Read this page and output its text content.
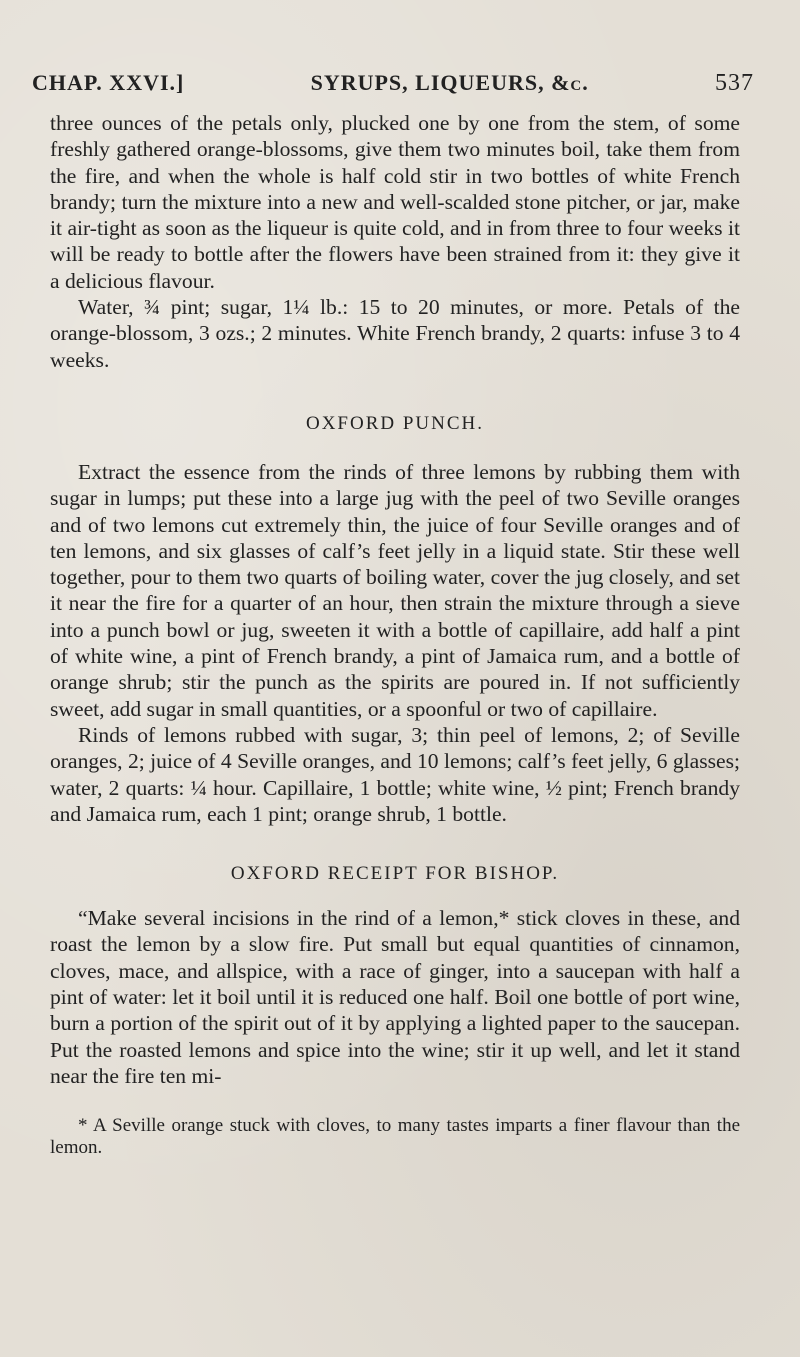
CHAP. XXVI.]	SYRUPS, LIQUEURS, &c.	537

three ounces of the petals only, plucked one by one from the stem, of some freshly gathered orange-blossoms, give them two minutes boil, take them from the fire, and when the whole is half cold stir in two bottles of white French brandy; turn the mixture into a new and well-scalded stone pitcher, or jar, make it air-tight as soon as the liqueur is quite cold, and in from three to four weeks it will be ready to bottle after the flowers have been strained from it: they give it a delicious flavour.

Water, ¾ pint; sugar, 1¼ lb.: 15 to 20 minutes, or more. Petals of the orange-blossom, 3 ozs.; 2 minutes. White French brandy, 2 quarts: infuse 3 to 4 weeks.

OXFORD PUNCH.

Extract the essence from the rinds of three lemons by rubbing them with sugar in lumps; put these into a large jug with the peel of two Seville oranges and of two lemons cut extremely thin, the juice of four Seville oranges and of ten lemons, and six glasses of calf’s feet jelly in a liquid state. Stir these well together, pour to them two quarts of boiling water, cover the jug closely, and set it near the fire for a quarter of an hour, then strain the mixture through a sieve into a punch bowl or jug, sweeten it with a bottle of capillaire, add half a pint of white wine, a pint of French brandy, a pint of Jamaica rum, and a bottle of orange shrub; stir the punch as the spirits are poured in. If not sufficiently sweet, add sugar in small quantities, or a spoonful or two of capillaire.

Rinds of lemons rubbed with sugar, 3; thin peel of lemons, 2; of Seville oranges, 2; juice of 4 Seville oranges, and 10 lemons; calf’s feet jelly, 6 glasses; water, 2 quarts: ¼ hour. Capillaire, 1 bottle; white wine, ½ pint; French brandy and Jamaica rum, each 1 pint; orange shrub, 1 bottle.

OXFORD RECEIPT FOR BISHOP.

“Make several incisions in the rind of a lemon,* stick cloves in these, and roast the lemon by a slow fire. Put small but equal quantities of cinnamon, cloves, mace, and allspice, with a race of ginger, into a saucepan with half a pint of water: let it boil until it is reduced one half. Boil one bottle of port wine, burn a portion of the spirit out of it by applying a lighted paper to the saucepan. Put the roasted lemons and spice into the wine; stir it up well, and let it stand near the fire ten mi-

* A Seville orange stuck with cloves, to many tastes imparts a finer flavour than the lemon.
